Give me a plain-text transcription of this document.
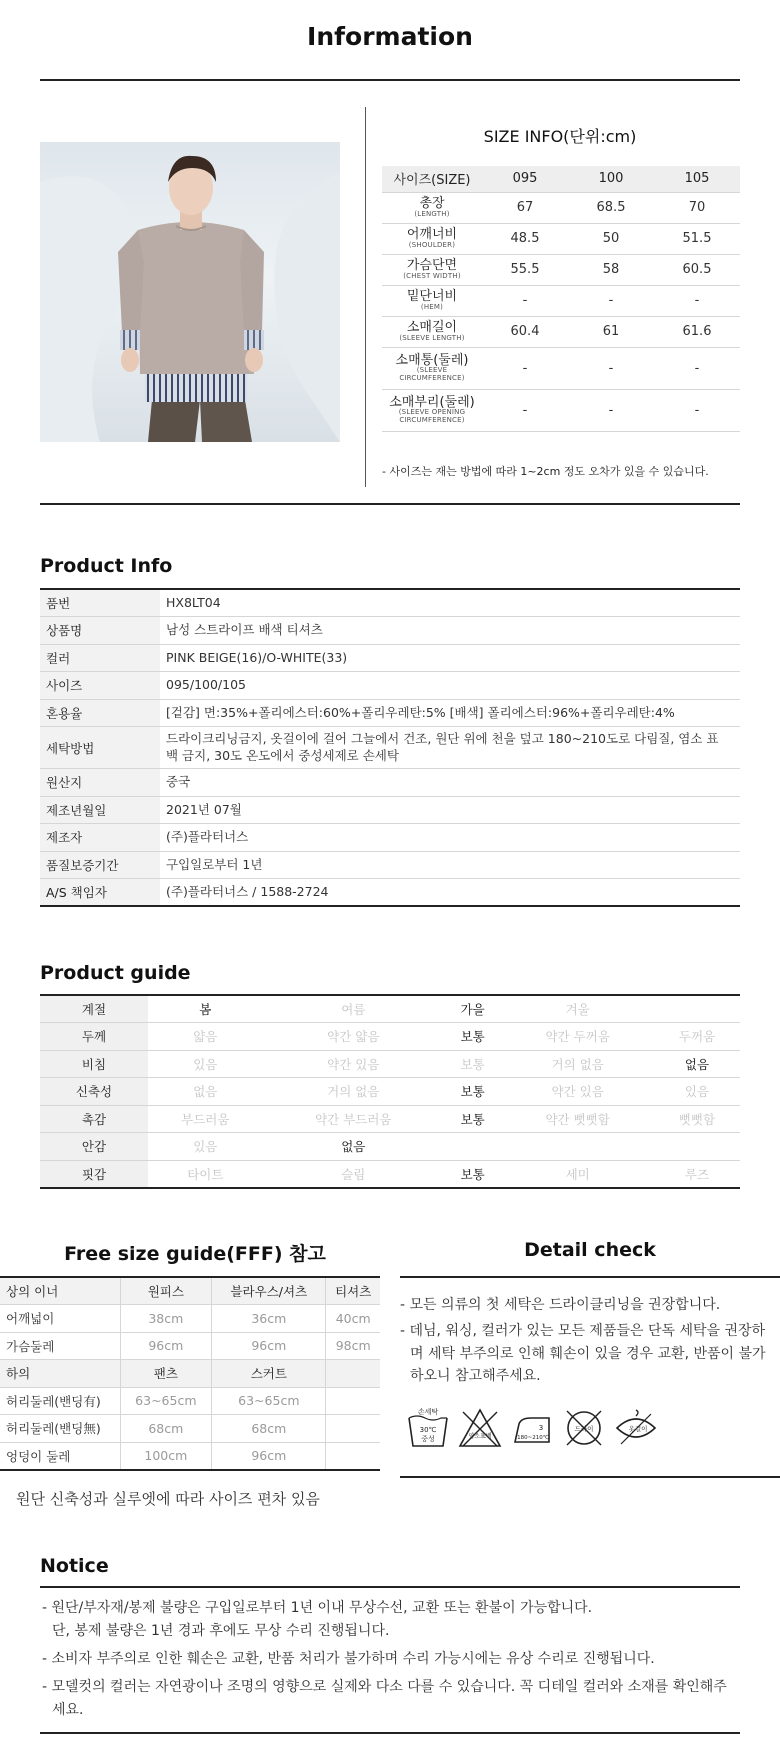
Information
SIZE INFO(단위:cm)
사이즈(SIZE)	095	100	105

총장
(LENGTH)	67	68.5	70

어깨너비
(SHOULDER)	48.5	50	51.5

가슴단면
(CHEST WIDTH)	55.5	58	60.5

밑단너비
(HEM)	-	-	-

소매길이
(SLEEVE LENGTH)	60.4	61	61.6

소매통(둘레)
(SLEEVE
CIRCUMFERENCE)	-	-	-

소매부리(둘레)
(SLEEVE OPENING
CIRCUMFERENCE)	-	-	-
- 사이즈는 재는 방법에 따라 1~2cm 정도 오차가 있을 수 있습니다.
Product Info
품번	HX8LT04
상품명	남성 스트라이프 배색 티셔츠
컬러	PINK BEIGE(16)/O-WHITE(33)
사이즈	095/100/105
혼용율	[겉감] 면:35%+폴리에스터:60%+폴리우레탄:5% [배색] 폴리에스터:96%+폴리우레탄:4%
세탁방법	드라이크리닝금지, 옷걸이에 걸어 그늘에서 건조, 원단 위에 천을 덮고 180~210도로 다림질, 염소 표백 금지, 30도 온도에서 중성세제로 손세탁
원산지	중국
제조년월일	2021년 07월
제조자	(주)플라터너스
품질보증기간	구입일로부터 1년
A/S 책임자	(주)플라터너스 / 1588-2724
Product guide
계절	봄	여름	가을	겨울	
두께	얇음	약간 얇음	보통	약간 두꺼움	두꺼움
비침	있음	약간 있음	보통	거의 없음	없음
신축성	없음	거의 없음	보통	약간 있음	있음
촉감	부드러움	약간 부드러움	보통	약간 뻣뻣함	뻣뻣함
안감	있음	없음			
핏감	타이트	슬림	보통	세미	루즈
Free size guide(FFF) 참고
상의 이너	원피스	블라우스/셔츠	티셔츠
어깨넓이	38cm	36cm	40cm
가슴둘레	96cm	96cm	98cm
하의	팬츠	스커트	
허리둘레(밴딩有)	63~65cm	63~65cm	
허리둘레(밴딩無)	68cm	68cm	
엉덩이 둘레	100cm	96cm	
원단 신축성과 실루엣에 따라 사이즈 편차 있음
Detail check

- 모든 의류의 첫 세탁은 드라이클리닝을 권장합니다.

- 데님, 워싱, 컬러가 있는 모든 제품들은 단독 세탁을 권장하며 세탁 부주의로 인해 훼손이 있을 경우 교환, 반품이 불가하오니 참고해주세요.

손세탁
30℃
중성	염소표백
3
180~210℃
드라이	옷걸이
Notice

- 원단/부자재/봉제 불량은 구입일로부터 1년 이내 무상수선, 교환 또는 환불이 가능합니다.
단, 봉제 불량은 1년 경과 후에도 무상 수리 진행됩니다.

- 소비자 부주의로 인한 훼손은 교환, 반품 처리가 불가하며 수리 가능시에는 유상 수리로 진행됩니다.

- 모델컷의 컬러는 자연광이나 조명의 영향으로 실제와 다소 다를 수 있습니다. 꼭 디테일 컬러와 소재를 확인해주세요.
